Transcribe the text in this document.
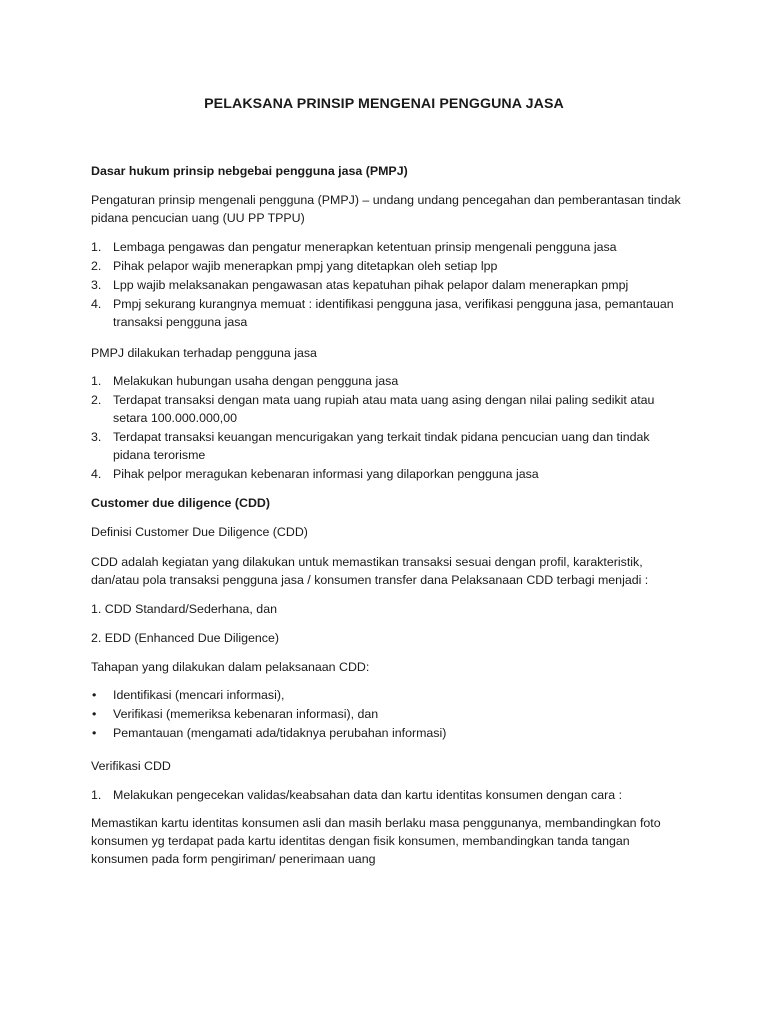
PELAKSANA PRINSIP MENGENAI PENGGUNA JASA

Dasar hukum prinsip nebgebai pengguna jasa (PMPJ)

Pengaturan prinsip mengenali pengguna (PMPJ) – undang undang pencegahan dan pemberantasan tindak pidana pencucian uang (UU PP TPPU)

1. Lembaga pengawas dan pengatur menerapkan ketentuan prinsip mengenali pengguna jasa
2. Pihak pelapor wajib menerapkan pmpj yang ditetapkan oleh setiap lpp
3. Lpp wajib melaksanakan pengawasan atas kepatuhan pihak pelapor dalam menerapkan pmpj
4. Pmpj sekurang kurangnya memuat : identifikasi pengguna jasa, verifikasi pengguna jasa, pemantauan transaksi pengguna jasa

PMPJ dilakukan terhadap pengguna jasa

1. Melakukan hubungan usaha dengan pengguna jasa
2. Terdapat transaksi dengan mata uang rupiah atau mata uang asing dengan nilai paling sedikit atau setara 100.000.000,00
3. Terdapat transaksi keuangan mencurigakan yang terkait tindak pidana pencucian uang dan tindak pidana terorisme
4. Pihak pelpor meragukan kebenaran informasi yang dilaporkan pengguna jasa

Customer due diligence (CDD)

Definisi Customer Due Diligence (CDD)

CDD adalah kegiatan yang dilakukan untuk memastikan transaksi sesuai dengan profil, karakteristik, dan/atau pola transaksi pengguna jasa / konsumen transfer dana Pelaksanaan CDD terbagi menjadi :

1. CDD Standard/Sederhana, dan

2. EDD (Enhanced Due Diligence)

Tahapan yang dilakukan dalam pelaksanaan CDD:

• Identifikasi (mencari informasi),
• Verifikasi (memeriksa kebenaran informasi), dan
• Pemantauan (mengamati ada/tidaknya perubahan informasi)

Verifikasi CDD

1. Melakukan pengecekan validas/keabsahan data dan kartu identitas konsumen dengan cara :

Memastikan kartu identitas konsumen asli dan masih berlaku masa penggunanya, membandingkan foto konsumen yg terdapat pada kartu identitas dengan fisik konsumen, membandingkan tanda tangan konsumen pada form pengiriman/ penerimaan uang
